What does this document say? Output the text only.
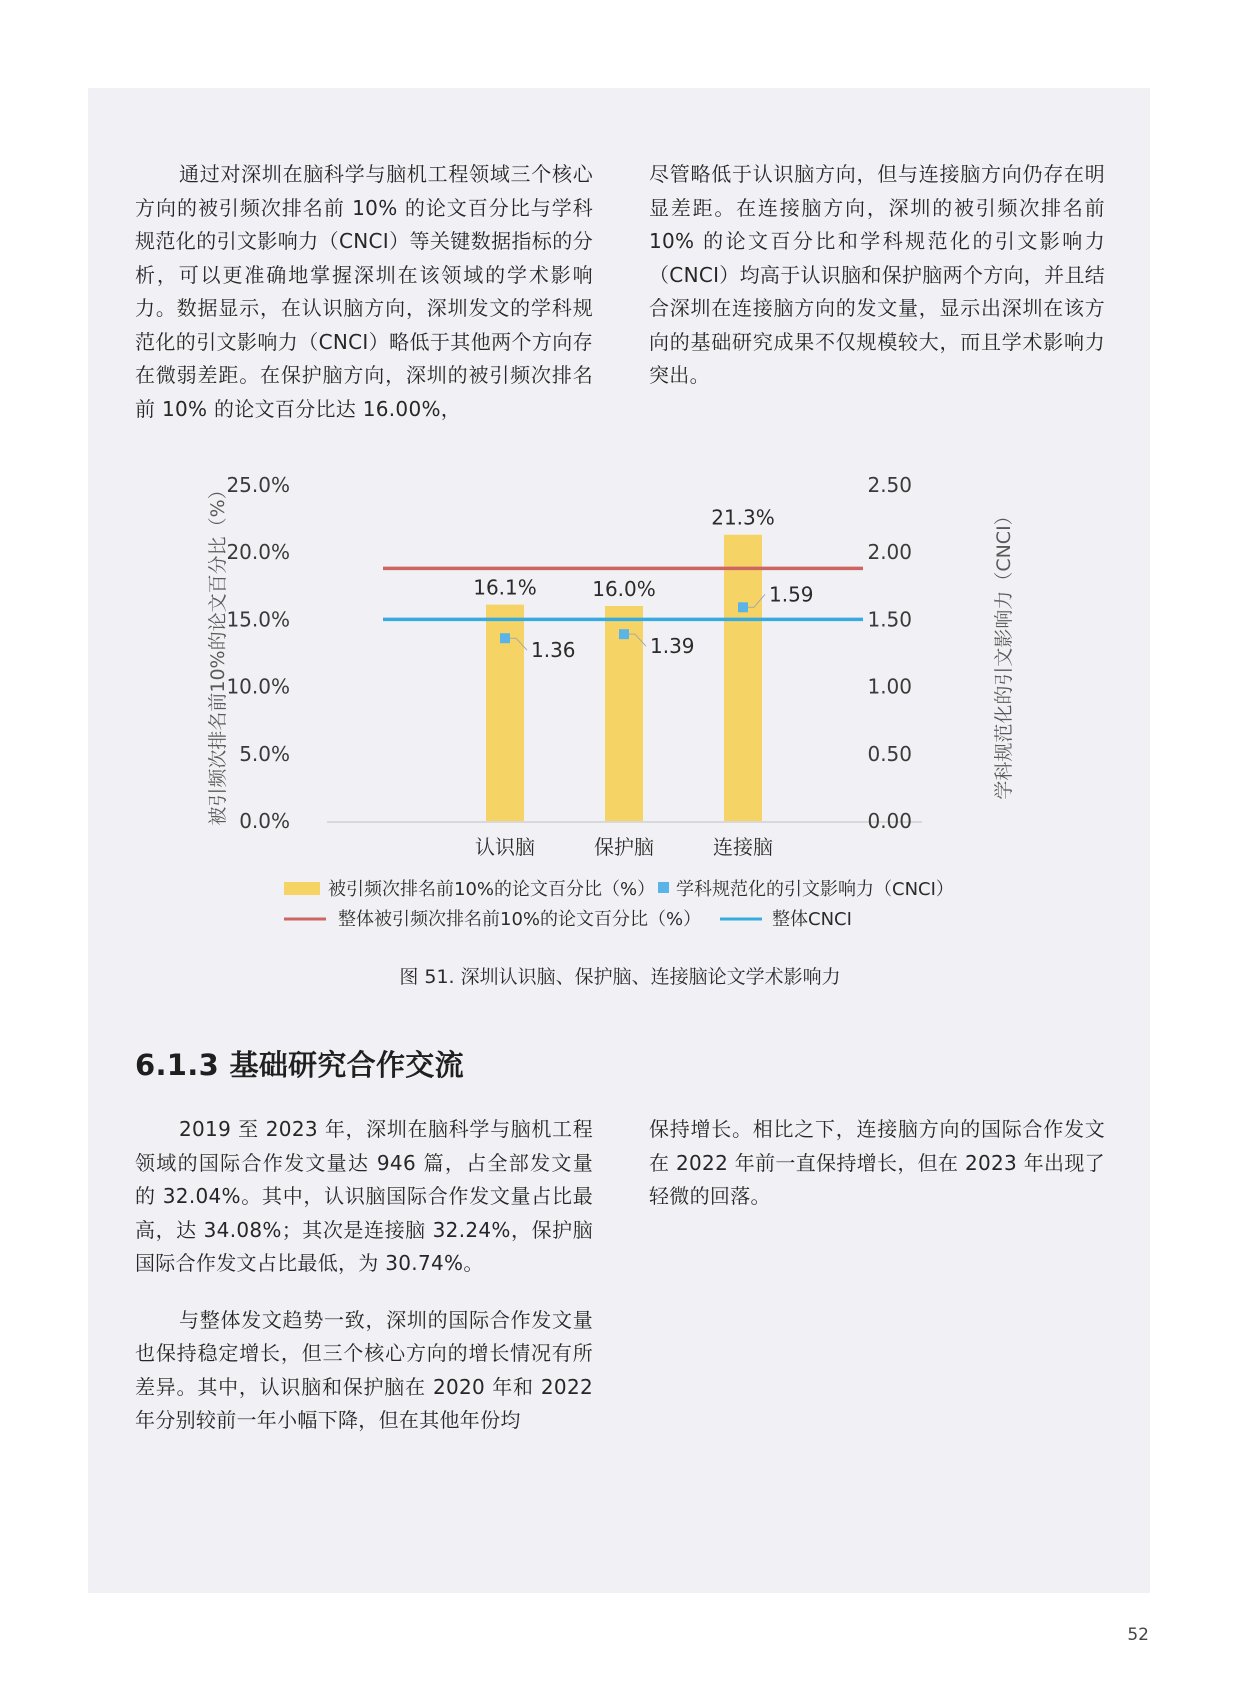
通过对深圳在脑科学与脑机工程领域三个核心方向的被引频次排名前 10% 的论文百分比与学科规范化的引文影响力（CNCI）等关键数据指标的分析，可以更准确地掌握深圳在该领域的学术影响力。数据显示，在认识脑方向，深圳发文的学科规范化的引文影响力（CNCI）略低于其他两个方向存在微弱差距。在保护脑方向，深圳的被引频次排名前 10% 的论文百分比达 16.00%，

尽管略低于认识脑方向，但与连接脑方向仍存在明显差距。在连接脑方向，深圳的被引频次排名前 10% 的论文百分比和学科规范化的引文影响力（CNCI）均高于认识脑和保护脑两个方向，并且结合深圳在连接脑方向的发文量，显示出深圳在该方向的基础研究成果不仅规模较大，而且学术影响力突出。

0.0%
5.0%
10.0%
15.0%
20.0%
25.0%
0.00
0.50
1.00
1.50
2.00
2.50
被引频次排名前10%的论文百分比（%）	学科规范化的引文影响力（CNCI）
16.1%
认识脑
16.0%
保护脑
21.3%
连接脑
1.36	1.39
1.59
被引频次排名前10%的论文百分比（%） 学科规范化的引文影响力（CNCI）
整体被引频次排名前10%的论文百分比（%）	整体CNCI
图 51. 深圳认识脑、保护脑、连接脑论文学术影响力
6.1.3 基础研究合作交流

2019 至 2023 年，深圳在脑科学与脑机工程领域的国际合作发文量达 946 篇，占全部发文量的 32.04%。其中，认识脑国际合作发文量占比最高，达 34.08%；其次是连接脑 32.24%，保护脑国际合作发文占比最低，为 30.74%。

与整体发文趋势一致，深圳的国际合作发文量也保持稳定增长，但三个核心方向的增长情况有所差异。其中，认识脑和保护脑在 2020 年和 2022 年分别较前一年小幅下降，但在其他年份均

保持增长。相比之下，连接脑方向的国际合作发文在 2022 年前一直保持增长，但在 2023 年出现了轻微的回落。

52
